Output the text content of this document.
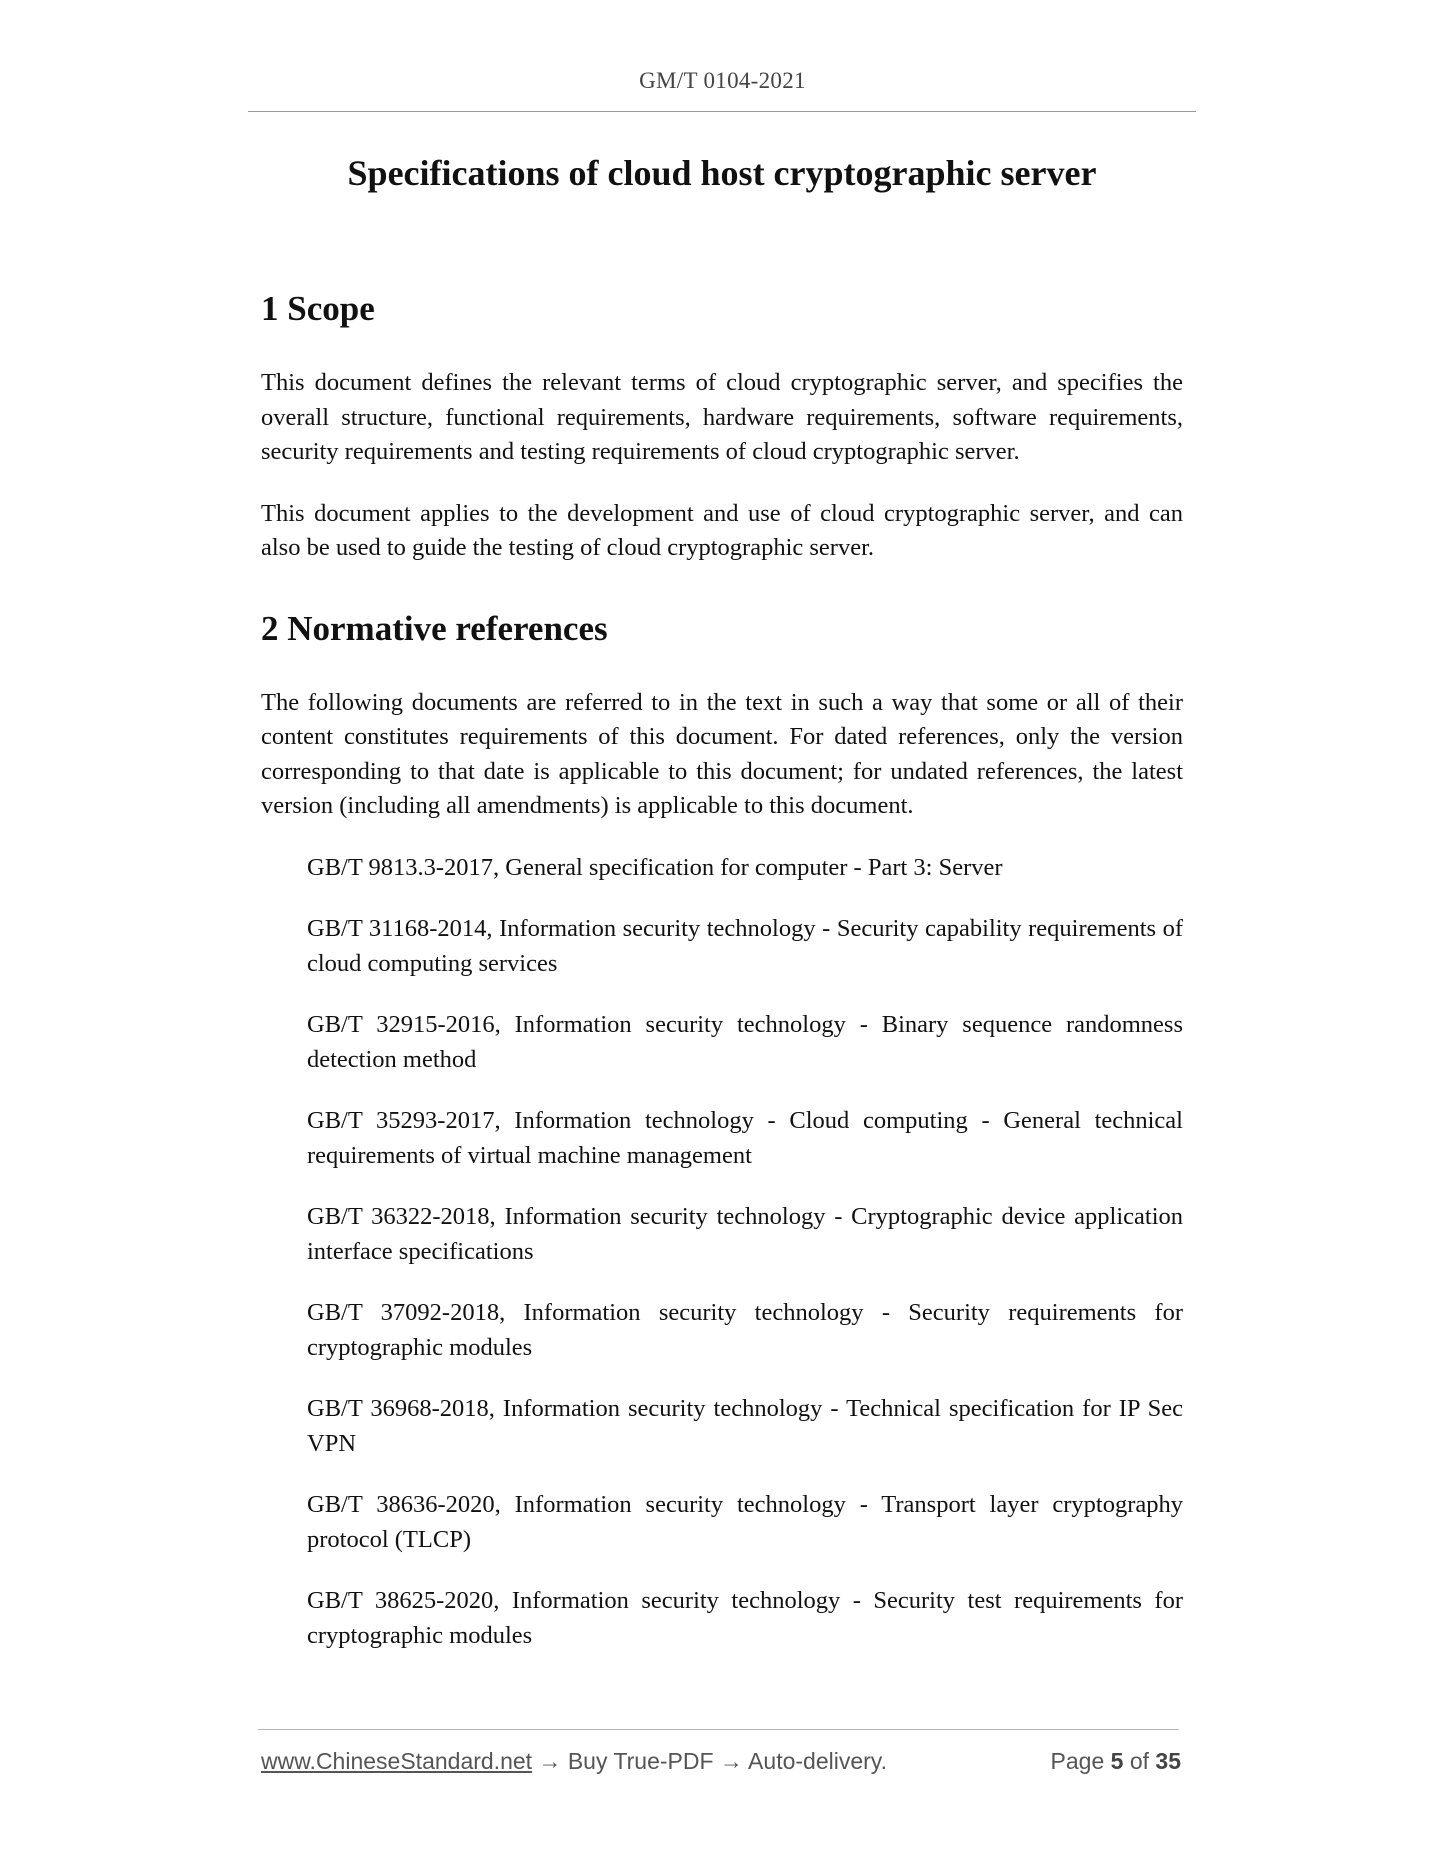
GM/T 0104-2021
Specifications of cloud host cryptographic server
1 Scope

This document defines the relevant terms of cloud cryptographic server, and specifies the overall structure, functional requirements, hardware requirements, software requirements, security requirements and testing requirements of cloud cryptographic server.

This document applies to the development and use of cloud cryptographic server, and can also be used to guide the testing of cloud cryptographic server.

2 Normative references

The following documents are referred to in the text in such a way that some or all of their content constitutes requirements of this document. For dated references, only the version corresponding to that date is applicable to this document; for undated references, the latest version (including all amendments) is applicable to this document.

GB/T 9813.3-2017, General specification for computer - Part 3: Server
GB/T 31168-2014, Information security technology - Security capability requirements of cloud computing services
GB/T 32915-2016, Information security technology - Binary sequence randomness detection method
GB/T 35293-2017, Information technology - Cloud computing - General technical requirements of virtual machine management
GB/T 36322-2018, Information security technology - Cryptographic device application interface specifications
GB/T 37092-2018, Information security technology - Security requirements for cryptographic modules
GB/T 36968-2018, Information security technology - Technical specification for IP Sec VPN
GB/T 38636-2020, Information security technology - Transport layer cryptography protocol (TLCP)
GB/T 38625-2020, Information security technology - Security test requirements for cryptographic modules
www.ChineseStandard.net → Buy True-PDF → Auto-delivery.	Page 5 of 35
